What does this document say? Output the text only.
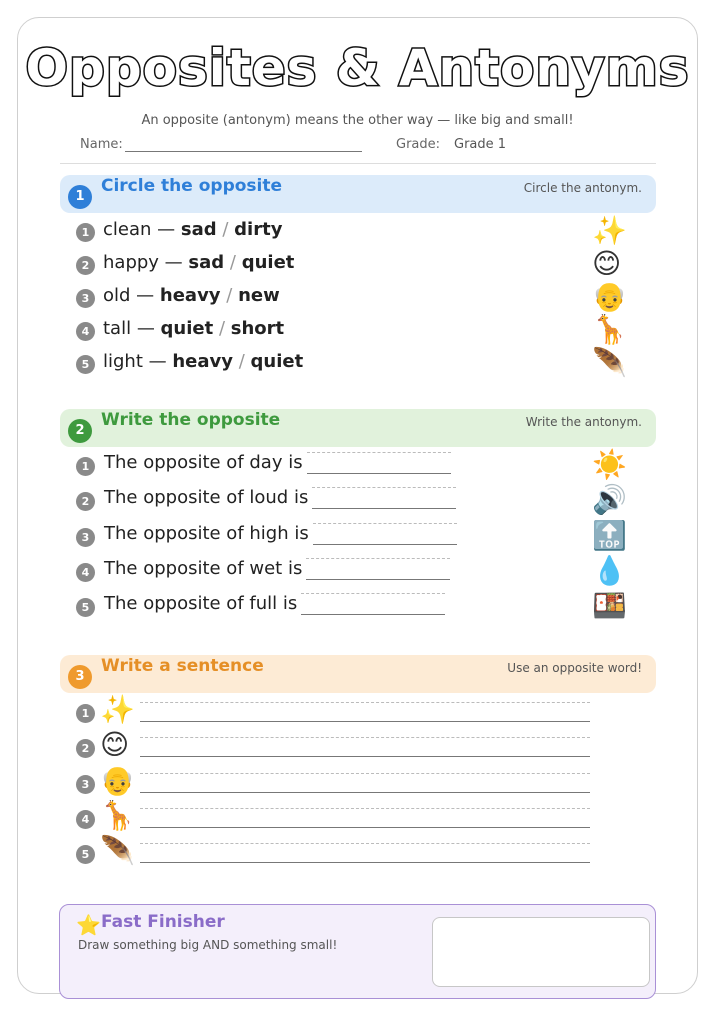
Opposites & Antonyms
An opposite (antonym) means the other way — like big and small!
Name:	Grade: Grade 1
1
Circle the opposite	Circle the antonym.
1 clean — sad / dirty	✨
2 happy — sad / quiet	😊
3 old — heavy / new	👴
4 tall — quiet / short	🦒
5 light — heavy / quiet	🪶
2
Write the opposite	Write the antonym.
1 The opposite of day is	☀️
2 The opposite of loud is	🔊
3 The opposite of high is	🔝
4 The opposite of wet is	💧
5 The opposite of full is	🍱
3
Write a sentence	Use an opposite word!
1 ✨
2 😊
3 👴
4 🦒
5 🪶
⭐ Fast Finisher
Draw something big AND something small!
